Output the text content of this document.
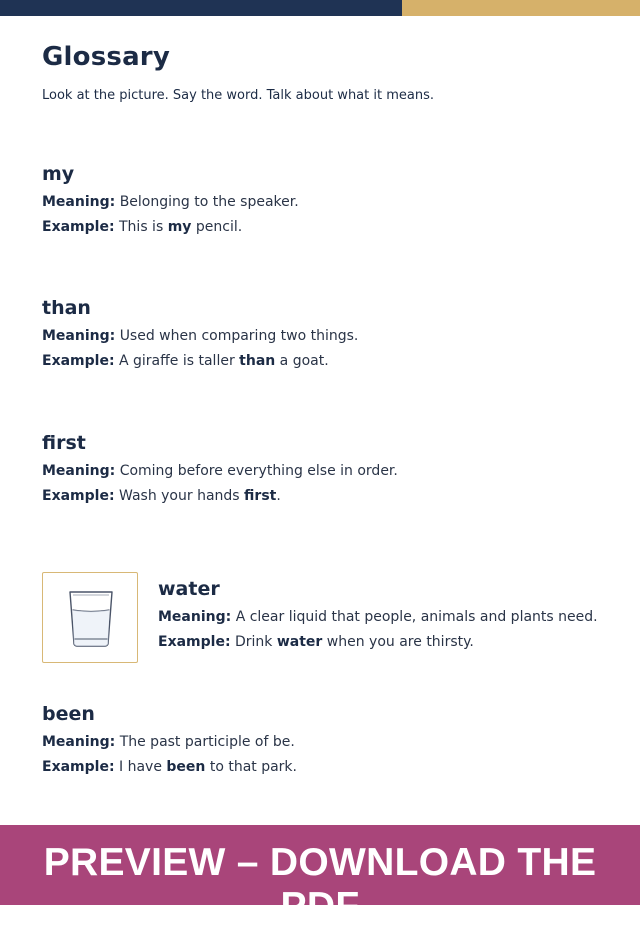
Glossary

Look at the picture. Say the word. Talk about what it means.

my
Meaning: Belonging to the speaker.
Example: This is my pencil.
than
Meaning: Used when comparing two things.
Example: A giraffe is taller than a goat.
first
Meaning: Coming before everything else in order.
Example: Wash your hands first.
water
Meaning: A clear liquid that people, animals and plants need.
Example: Drink water when you are thirsty.
been
Meaning: The past participle of be.
Example: I have been to that park.
PREVIEW – DOWNLOAD THE PDF
